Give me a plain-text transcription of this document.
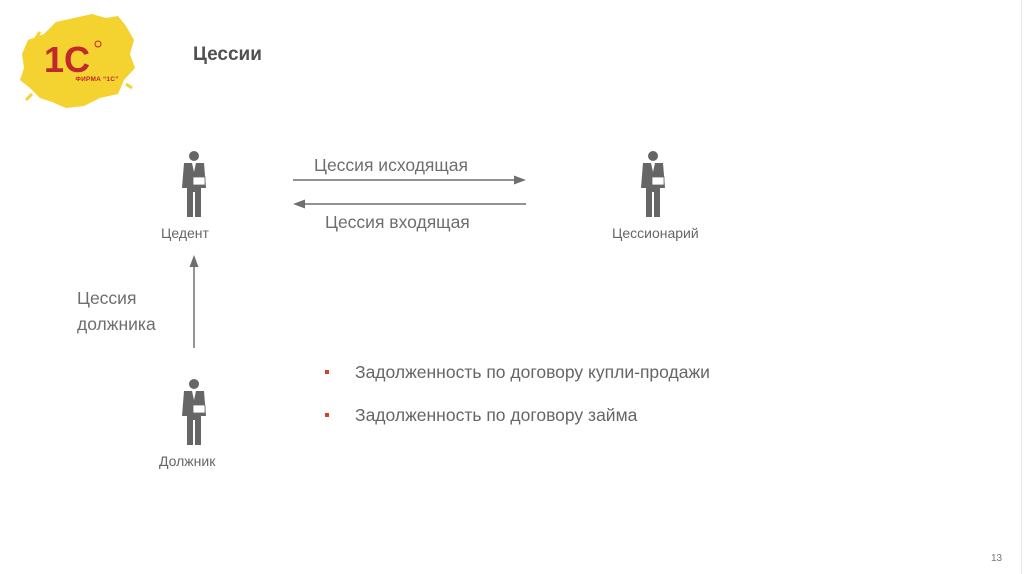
1С
ФИРМА “1С”
Цессии
Цедент	Цессионарий
Должник
Цессия исходящая
Цессия входящая
Цессия
должника
Задолженность по договору купли-продажи
Задолженность по договору займа
13
